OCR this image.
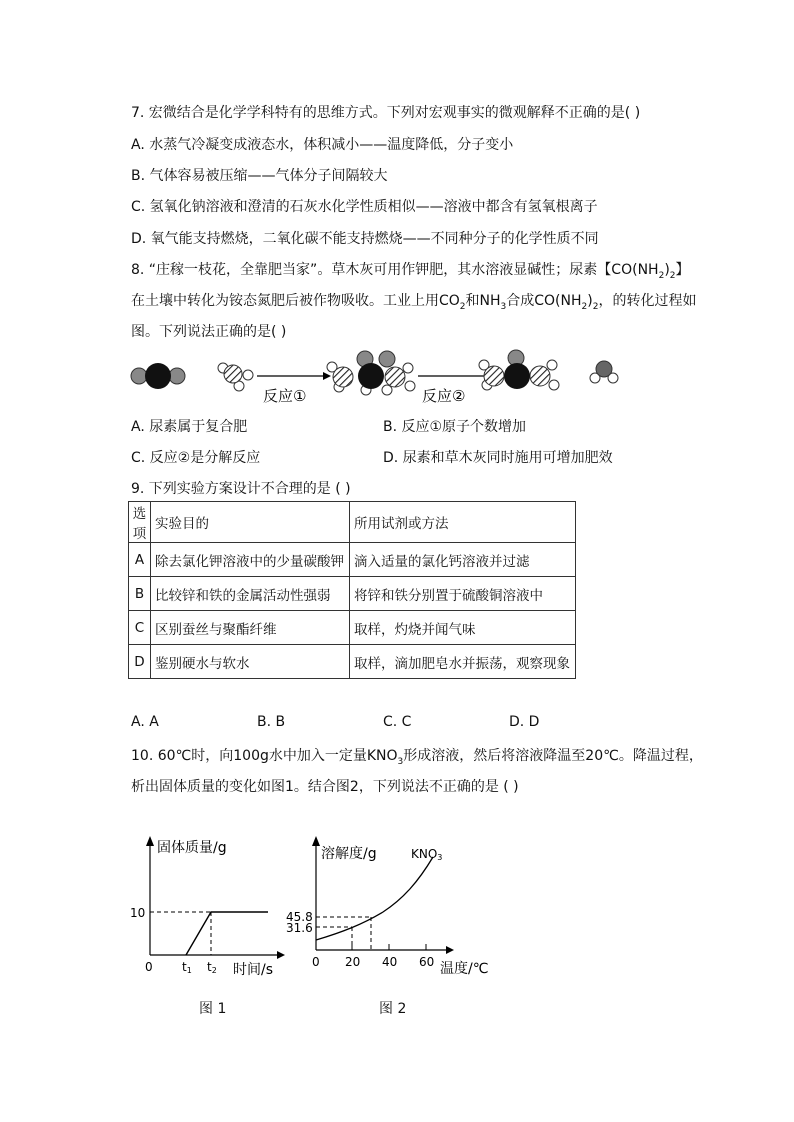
7. 宏微结合是化学学科特有的思维方式。下列对宏观事实的微观解释不正确的是( )
A. 水蒸气冷凝变成液态水，体积减小——温度降低，分子变小
B. 气体容易被压缩——气体分子间隔较大
C. 氢氧化钠溶液和澄清的石灰水化学性质相似——溶液中都含有氢氧根离子
D. 氧气能支持燃烧，二氧化碳不能支持燃烧——不同种分子的化学性质不同
8. “庄稼一枝花，全靠肥当家”。草木灰可用作钾肥，其水溶液显碱性；尿素【$CO(NH_2)_2$】
在土壤中转化为铵态氮肥后被作物吸收。工业上用$CO_2$和$NH_3$合成$CO(NH_2)_2$，的转化过程如
图。下列说法正确的是( )
反应①	反应②
A. 尿素属于复合肥	B. 反应①原子个数增加
C. 反应②是分解反应	D. 尿素和草木灰同时施用可增加肥效
9. 下列实验方案设计不合理的是 ( )
选项	实验目的	所用试剂或方法
A	除去氯化钾溶液中的少量碳酸钾	滴入适量的氯化钙溶液并过滤
B	比较锌和铁的金属活动性强弱	将锌和铁分别置于硫酸铜溶液中
C	区别蚕丝与聚酯纤维	取样，灼烧并闻气味
D	鉴别硬水与软水	取样，滴加肥皂水并振荡，观察现象
A. A	B. B	C. C	D. D
10. 60℃时，向100g水中加入一定量$KNO_3$形成溶液，然后将溶液降温至20℃。降温过程，
析出固体质量的变化如图1。结合图2，下列说法不正确的是 ( )
固体质量/g
10
0 t1 t2 时间/s
图 1
溶解度/g	KNO3
45.8
31.6
0 20 40 60 温度/℃
图 2
